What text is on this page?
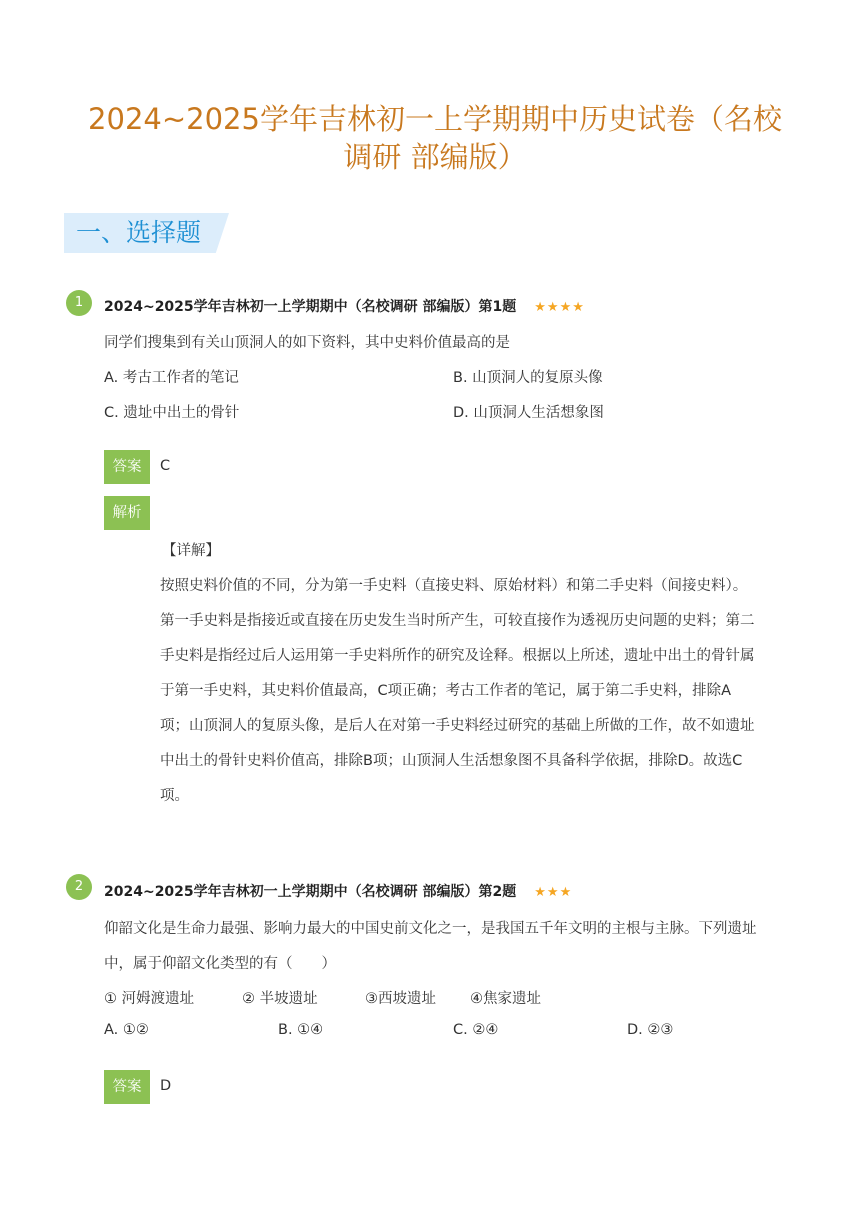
2024~2025学年吉林初一上学期期中历史试卷（名校
调研 部编版）
一、选择题
1	2024~2025学年吉林初一上学期期中（名校调研 部编版）第1题 ★★★★
同学们搜集到有关山顶洞人的如下资料，其中史料价值最高的是
A. 考古工作者的笔记	B. 山顶洞人的复原头像
C. 遗址中出土的骨针	D. 山顶洞人生活想象图
答案	C
解析
【详解】
按照史料价值的不同，分为第一手史料（直接史料、原始材料）和第二手史料（间接史料）。
第一手史料是指接近或直接在历史发生当时所产生，可较直接作为透视历史问题的史料；第二
手史料是指经过后人运用第一手史料所作的研究及诠释。根据以上所述，遗址中出土的骨针属
于第一手史料，其史料价值最高，C项正确；考古工作者的笔记，属于第二手史料，排除A
项；山顶洞人的复原头像，是后人在对第一手史料经过研究的基础上所做的工作，故不如遗址
中出土的骨针史料价值高，排除B项；山顶洞人生活想象图不具备科学依据，排除D。故选C
项。
2	2024~2025学年吉林初一上学期期中（名校调研 部编版）第2题 ★★★
仰韶文化是生命力最强、影响力最大的中国史前文化之一，是我国五千年文明的主根与主脉。下列遗址
中，属于仰韶文化类型的有（　　）
① 河姆渡遗址	② 半坡遗址	③西坡遗址 ④焦家遗址
A. ①②	B. ①④	C. ②④	D. ②③
答案	D
